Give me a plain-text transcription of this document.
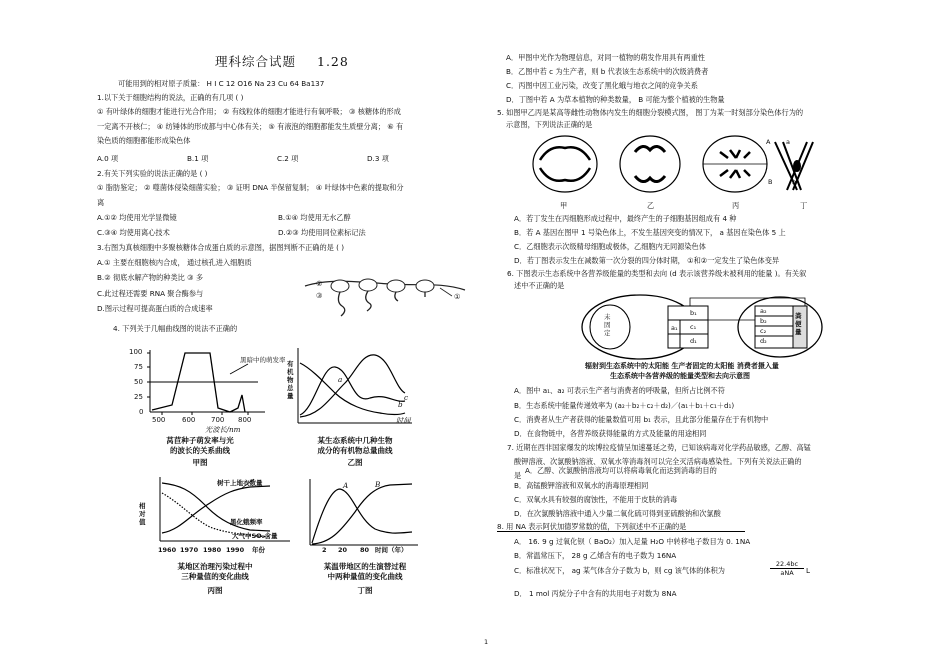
理科综合试题 1.28
可能用到的相对原子质量： H I C 12 O16 Na 23 Cu 64 Ba137
1.以下关于细胞结构的说法，正确的有几项 ( )
① 有叶绿体的细胞才能进行光合作用； ② 有线粒体的细胞才能进行有氧呼吸； ③ 核糖体的形成
一定离不开核仁； ④ 纺锤体的形成都与中心体有关； ⑤ 有液泡的细胞都能发生质壁分离； ⑥ 有
染色质的细胞都能形成染色体
A.0 项	B.1 项	C.2 项	D.3 项
2.有关下列实验的说法正确的是 ( )
① 脂肪鉴定； ② 噬菌体侵染细菌实验； ③ 证明 DNA 半保留复制； ④ 叶绿体中色素的提取和分
离
A.①② 均使用光学显微镜	B.①④ 均使用无水乙醇
C.③④ 均使用离心技术	D.②③ 均使用同位素标记法
3.右图为真核细胞中多聚核糖体合成蛋白质的示意图，据图判断不正确的是 ( )
A.① 主要在细胞核内合成， 通过核孔进入细胞质
B.② 彻底水解产物的种类比 ③ 多
C.此过程还需要 RNA 聚合酶参与
D.图示过程可提高蛋白质的合成速率
②
③	①
4. 下列关于几幅曲线图的说法不正确的
黑暗中的萌发率
100
75
50
25
0
500 600 700 800
光波长/nm
莴苣种子萌发率与光
的波长的关系曲线
甲图
有机物总量
时间
a
b
c
某生态系统中几种生物
成分的有机物总量曲线
乙图
相对值
树干上地衣数量
黑化蛾频率
大气中SO₂含量
1960 1970 1980 1990 年份
某地区治理污染过程中
三种量值的变化曲线
丙图
A	B
2 20 80 时间（年）
某温带地区的生演替过程
中两种量值的变化曲线
丁图
A．甲图中光作为物理信息，对同一植物的萌发作用具有两重性
B．乙图中若 c 为生产者，则 b 代表该生态系统中的次级消费者
C．丙图中因工业污染，改变了黑化蛾与地衣之间的竞争关系
D．丁图中若 A 为草本植物的种类数量， B 可能为整个植被的生物量
5. 如图甲乙丙是某高等雌性动物体内发生的细胞分裂模式图， 图丁为某一时刻部分染色体行为的
示意图，下列说法正确的是
A a
B	b
甲	乙	丙	丁
A．若丁发生在丙细胞形成过程中，最终产生的子细胞基因组成有 4 种
B．若 A 基因在图甲 1 号染色体上，不发生基因突变的情况下， a 基因在染色体 5 上
C．乙细胞表示次级精母细胞或极体，乙细胞内无同源染色体
D．若丁图表示发生在减数第一次分裂的四分体时期， ①和②一定发生了染色体变异
6. 下图表示生态系统中各营养级能量的类型和去向 (d 表示该营养级未被利用的能量 )。有关叙
述中不正确的是
未
固
定
a₁
b₁
c₁
d₁
a₂
b₂
c₂
d₂
粪便量
辐射到生态系统中的太阳能 生产者固定的太阳能 消费者摄入量
生态系统中各营养级的能量类型和去向示意图
A．图中 a₁、a₂ 可表示生产者与消费者的呼吸量，但所占比例不符
B．生态系统中能量传递效率为 (a₂＋b₂＋c₂＋d₂)／(a₁＋b₁＋c₁＋d₁)
C．消费者从生产者获得的能量数值可用 b₁ 表示，且此部分能量存在于有机物中
D．在食物链中，各营养级获得能量的方式及能量的用途相同
7. 近期在西非国家爆发的埃博拉疫情呈加速蔓延之势，已知该病毒对化学药品敏感，乙醇、高锰
酸钾溶液、次氯酸钠溶液、双氧水等消毒剂可以完全灭活病毒感染性。下列有关说法正确的
是
A．乙醇、次氯酸钠溶液均可以将病毒氧化而达到消毒的目的
B．高锰酸钾溶液和双氧水的消毒原理相同
C．双氧水具有较强的腐蚀性，不能用于皮肤的消毒
D．在次氯酸钠溶液中通入少量二氧化硫可得到亚硫酸钠和次氯酸
8. 用 NA 表示阿伏加德罗常数的值，下列叙述中不正确的是
A． 16. 9 g 过氧化钡（ BaO₂）加入足量 H₂O 中转移电子数目为 0. 1NA
B．常温常压下， 28 g 乙烯含有的电子数为 16NA
C．标准状况下， ag 某气体含分子数为 b，则 cg 该气体的体积为
22.4bc
aNA	L
D． 1 mol 丙烷分子中含有的共用电子对数为 8NA
1
